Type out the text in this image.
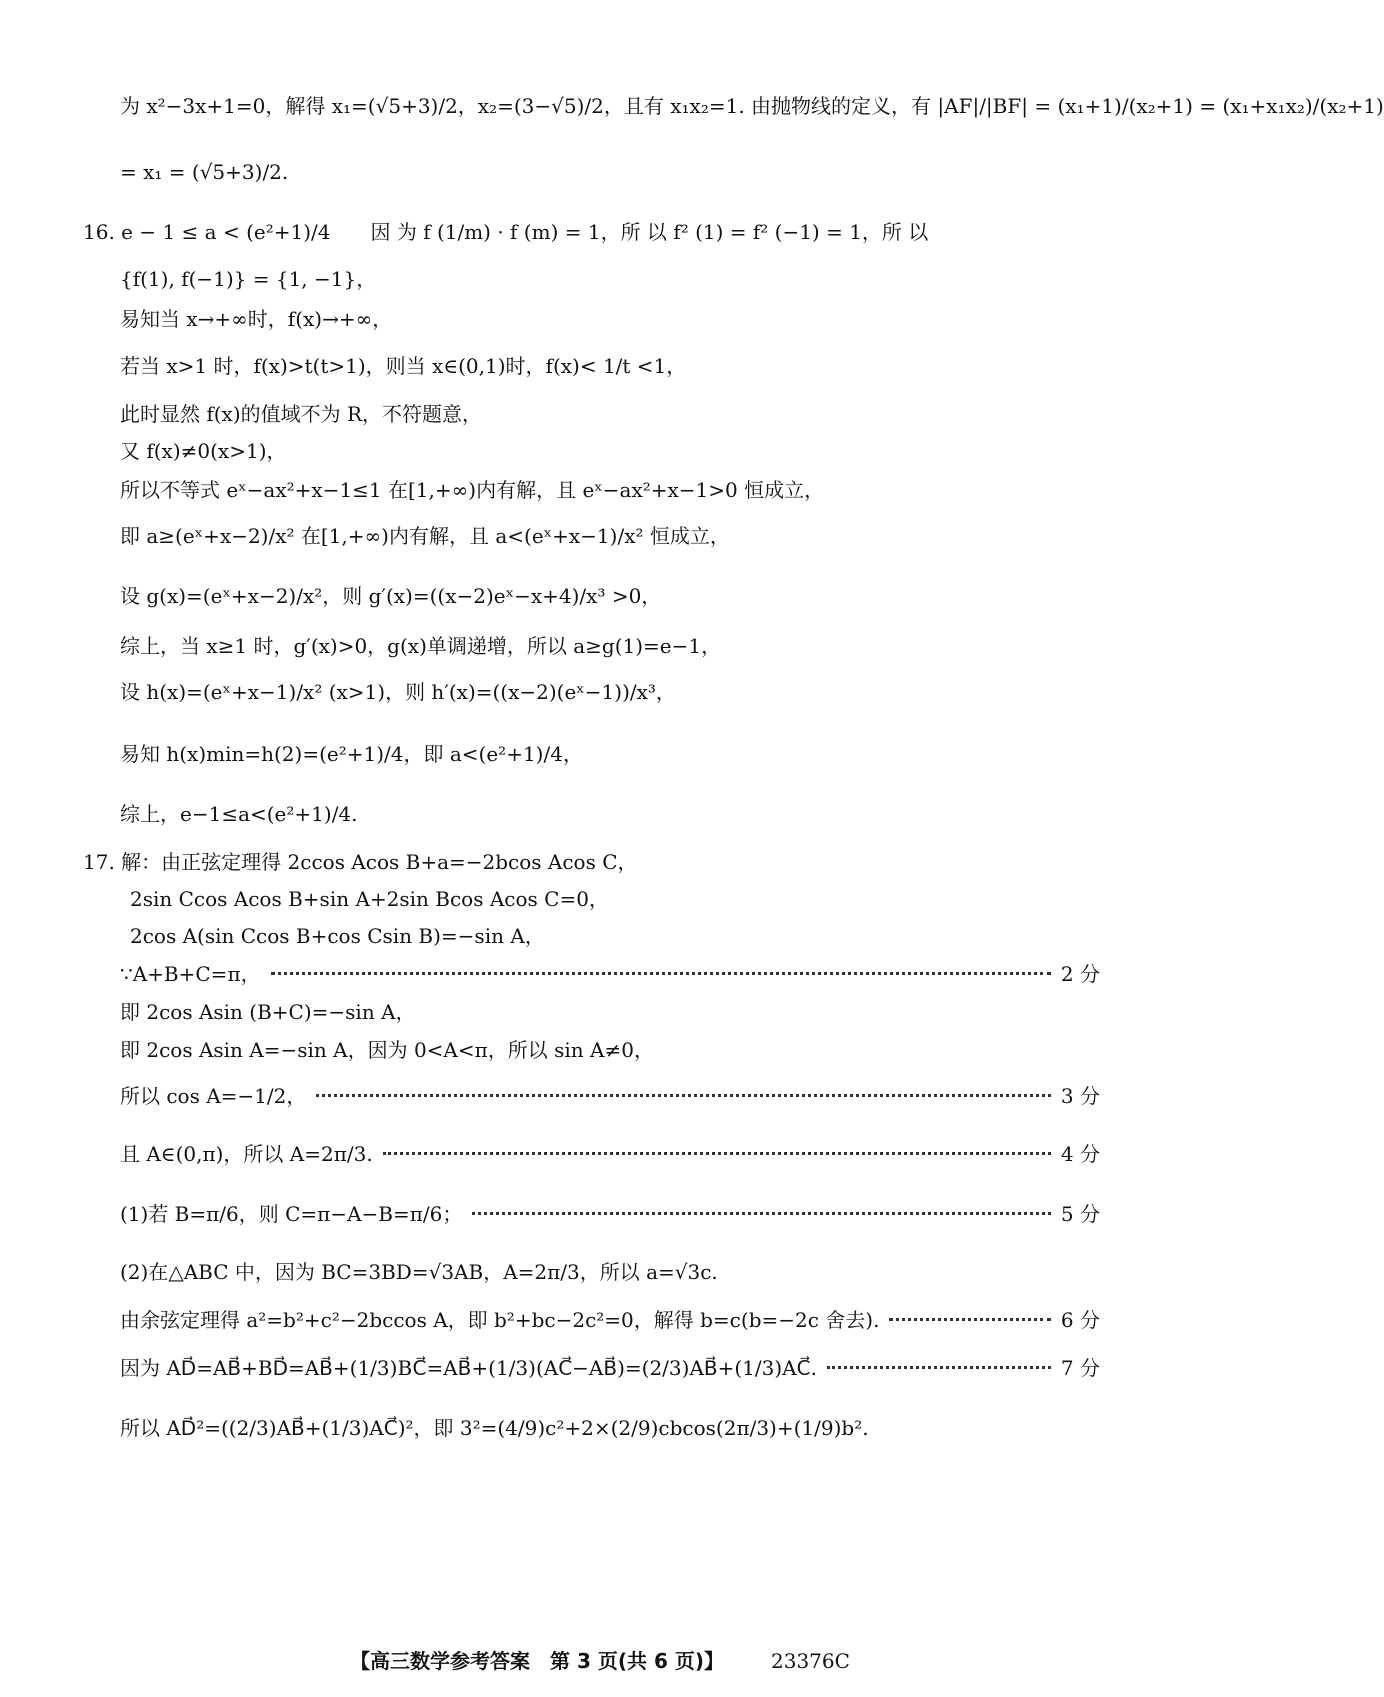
为 x²−3x+1=0，解得 x₁=(√5+3)/2，x₂=(3−√5)/2，且有 x₁x₂=1. 由抛物线的定义，有 |AF|/|BF| = (x₁+1)/(x₂+1) = (x₁+x₁x₂)/(x₂+1)
= x₁ = (√5+3)/2.
16. e − 1 ≤ a < (e²+1)/4　　因 为 f (1/m) · f (m) = 1，所 以 f² (1) = f² (−1) = 1，所 以
{f(1), f(−1)} = {1, −1}，
易知当 x→+∞时，f(x)→+∞，
若当 x>1 时，f(x)>t(t>1)，则当 x∈(0,1)时，f(x)< 1/t <1，
此时显然 f(x)的值域不为 R，不符题意，
又 f(x)≠0(x>1)，
所以不等式 eˣ−ax²+x−1≤1 在[1,+∞)内有解，且 eˣ−ax²+x−1>0 恒成立，
即 a≥(eˣ+x−2)/x² 在[1,+∞)内有解，且 a<(eˣ+x−1)/x² 恒成立，
设 g(x)=(eˣ+x−2)/x²，则 g′(x)=((x−2)eˣ−x+4)/x³ >0，
综上，当 x≥1 时，g′(x)>0，g(x)单调递增，所以 a≥g(1)=e−1，
设 h(x)=(eˣ+x−1)/x² (x>1)，则 h′(x)=((x−2)(eˣ−1))/x³，
易知 h(x)min=h(2)=(e²+1)/4，即 a<(e²+1)/4，
综上，e−1≤a<(e²+1)/4.
17. 解：由正弦定理得 2ccos Acos B+a=−2bcos Acos C，
2sin Ccos Acos B+sin A+2sin Bcos Acos C=0，
2cos A(sin Ccos B+cos Csin B)=−sin A，
∵A+B+C=π，	2 分
即 2cos Asin (B+C)=−sin A，
即 2cos Asin A=−sin A，因为 0<A<π，所以 sin A≠0，
所以 cos A=−1/2，	3 分
且 A∈(0,π)，所以 A=2π/3.	4 分
(1)若 B=π/6，则 C=π−A−B=π/6；	5 分
(2)在△ABC 中，因为 BC=3BD=√3AB，A=2π/3，所以 a=√3c.
由余弦定理得 a²=b²+c²−2bccos A，即 b²+bc−2c²=0，解得 b=c(b=−2c 舍去).	6 分
因为 AD⃗=AB⃗+BD⃗=AB⃗+(1/3)BC⃗=AB⃗+(1/3)(AC⃗−AB⃗)=(2/3)AB⃗+(1/3)AC⃗.	7 分
所以 AD⃗²=((2/3)AB⃗+(1/3)AC⃗)²，即 3²=(4/9)c²+2×(2/9)cbcos(2π/3)+(1/9)b².
【高三数学参考答案　第 3 页(共 6 页)】 23376C
